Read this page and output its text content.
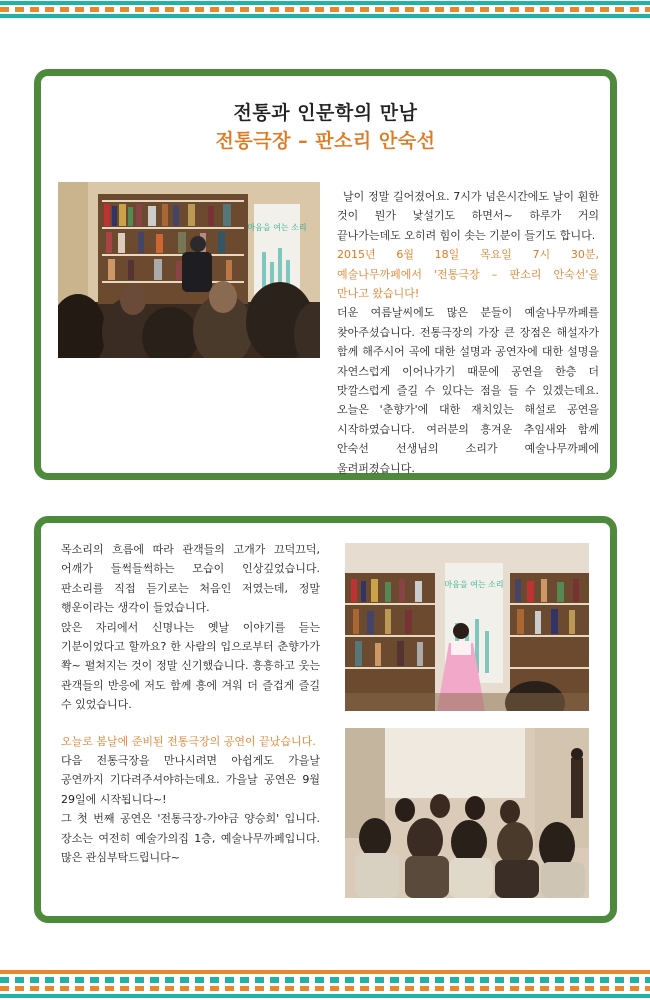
전통과 인문학의 만남
전통극장 – 판소리 안숙선
마음을 여는 소리

날이 정말 길어졌어요. 7시가 넘은시간에도 날이 훤한 것이 뭔가 낯설기도 하면서~ 하루가 거의 끝나가는데도 오히려 힘이 솟는 기분이 들기도 합니다.

2015년 6월 18일 목요일 7시 30분, 예술나무까페에서 '전통극장 – 판소리 안숙선'을 만나고 왔습니다!

더운 여름날씨에도 많은 분들이 예술나무까페를 찾아주셨습니다. 전통극장의 가장 큰 장점은 해설자가 함께 해주시어 곡에 대한 설명과 공연자에 대한 설명을 자연스럽게 이어나가기 때문에 공연을 한층 더 맛깔스럽게 즐길 수 있다는 점을 들 수 있겠는데요. 오늘은 '춘향가'에 대한 재치있는 해설로 공연을 시작하였습니다. 여러분의 흥겨운 추임새와 함께 안숙선 선생님의 소리가 예술나무까페에 울려퍼졌습니다.

목소리의 흐름에 따라 관객들의 고개가 끄덕끄덕, 어깨가 들썩들썩하는 모습이 인상깊었습니다. 판소리를 직접 듣기로는 처음인 저였는데, 정말 행운이라는 생각이 들었습니다.

앉은 자리에서 신명나는 옛날 이야기를 듣는 기분이었다고 할까요? 한 사람의 입으로부터 춘향가가 쫙~ 펼쳐지는 것이 정말 신기했습니다. 흥흥하고 웃는 관객들의 반응에 저도 함께 흥에 겨워 더 즐겁게 즐길 수 있었습니다.

오늘로 봄날에 준비된 전통극장의 공연이 끝났습니다.

다음 전통극장을 만나시려면 아쉽게도 가을날 공연까지 기다려주셔야하는데요. 가을날 공연은 9월 29일에 시작됩니다~!

그 첫 번째 공연은 '전통극장-가야금 양승희' 입니다. 장소는 여전히 예술가의집 1층, 예술나무까페입니다. 많은 관심부탁드립니다~

마음을 여는 소리
